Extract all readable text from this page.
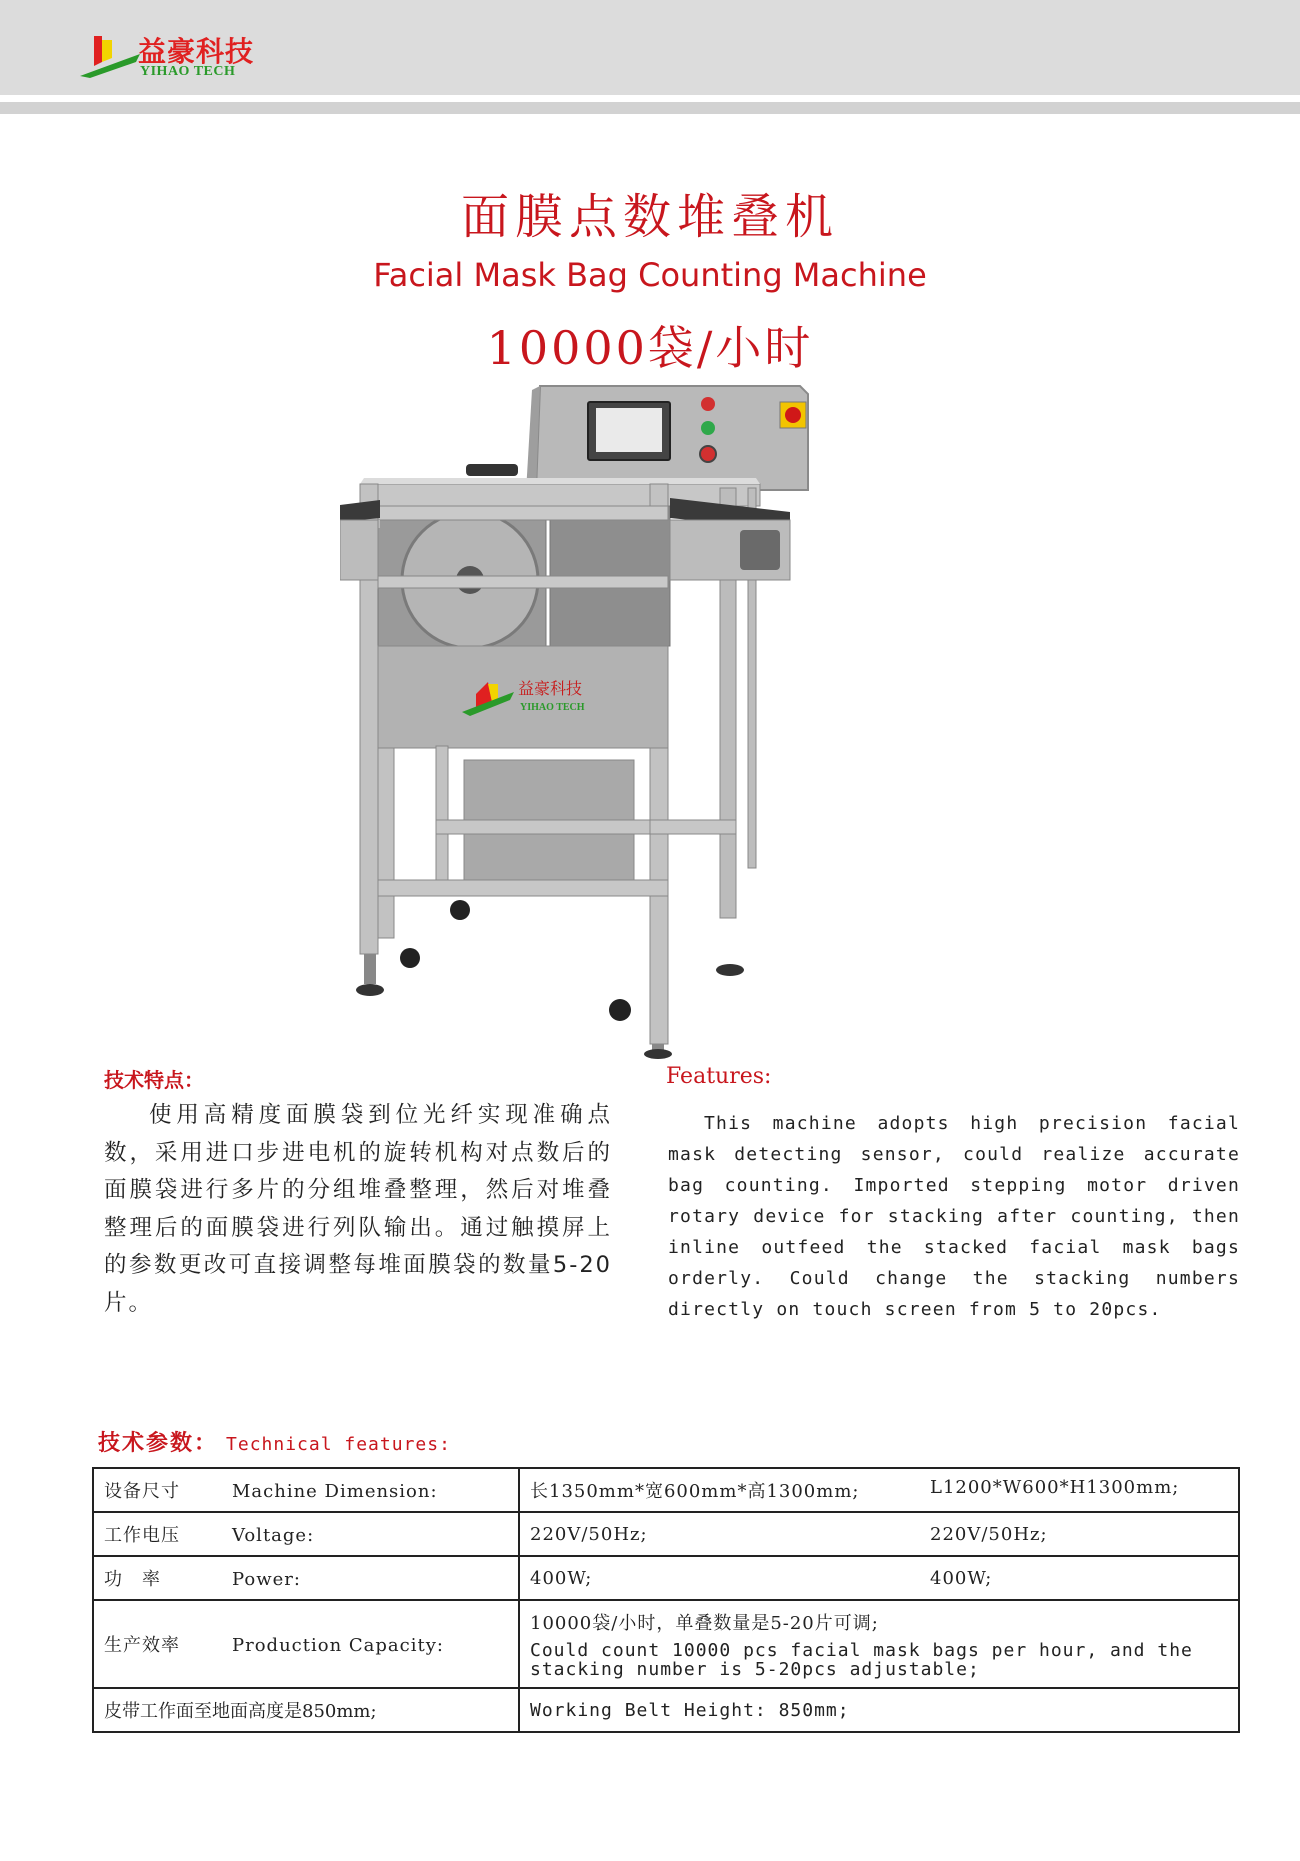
益豪科技
YIHAO TECH
面膜点数堆叠机
Facial Mask Bag Counting Machine
10000袋/小时
益豪科技
YIHAO TECH
技术特点：
使用高精度面膜袋到位光纤实现准确点数，采用进口步进电机的旋转机构对点数后的面膜袋进行多片的分组堆叠整理，然后对堆叠整理后的面膜袋进行列队输出。通过触摸屏上的参数更改可直接调整每堆面膜袋的数量5-20片。
Features:
This machine adopts high precision facial mask detecting sensor, could realize accurate bag counting. Imported stepping motor driven rotary device for stacking after counting, then inline outfeed the stacked facial mask bags orderly. Could change the stacking numbers directly on touch screen from 5 to 20pcs.
技术参数： Technical features:
设备尺寸 Machine Dimension:	长1350mm*宽600mm*高1300mm; L1200*W600*H1300mm;

工作电压 Voltage:	220V/50Hz; 220V/50Hz;

功　率 Power:	400W; 400W;

生产效率 Production Capacity:	10000袋/小时，单叠数量是5-20片可调;
Could count 10000 pcs facial mask bags per hour, and the stacking number is 5-20pcs adjustable;

皮带工作面至地面高度是850mm;	Working Belt Height: 850mm;
